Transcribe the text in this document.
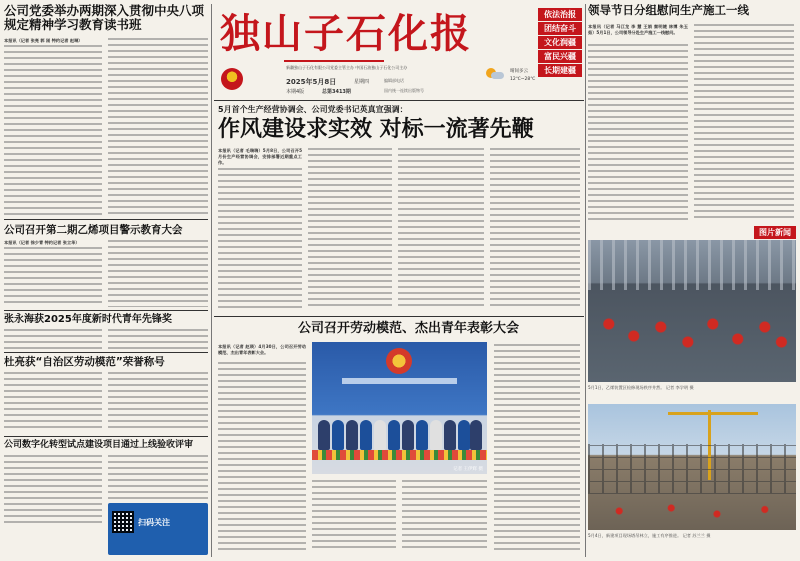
公司党委举办两期深入贯彻中央八项规定精神学习教育读书班
本报讯（记者 张亮 郭 刚 特约记者 赵琳）
公司召开第二期乙烯项目警示教育大会
本报讯（记者 徐少青 特约记者 张立华）
张永海获2025年度新时代青年先锋奖
杜亮获“自治区劳动模范”荣誉称号
公司数字化转型试点建设项目通过上线验收评审
扫码关注
独山子石化报
新疆独山子石化有限公司党委主管主办 中国石油独山子石化公司主办
2025年5月8日	星期四
本期4版	总第3413期	国内统一连续出版物号
晴间多云
12℃~28℃
依法治报
团结奋斗
文化润疆
富民兴疆
长期建疆
编辑部电话
5月首个生产经营协调会、公司党委书记英真宣强调：
作风建设求实效 对标一流著先鞭
本报讯（记者 毛瑞瑞）5月8日，公司召开5月份生产经营协调会，安排部署近期重点工作。
公司召开劳动模范、杰出青年表彰大会
本报讯（记者 赵瑛）4月30日，公司召开劳动模范、杰出青年表彰大会。
记者 王伊辉 摄
领导节日分组慰问生产施工一线
本报讯（记者 马江龙 李 慧 王娟 秦明婕 林博 朱玉茹）5月1日，公司领导分赴生产施工一线慰问。
图片新闻
5月1日，乙烯装置区检修现场秩序井然。 记者 李学明 摄
5月4日，新建项目现场塔吊林立，施工有序推进。 记者 苏兰兰 摄
